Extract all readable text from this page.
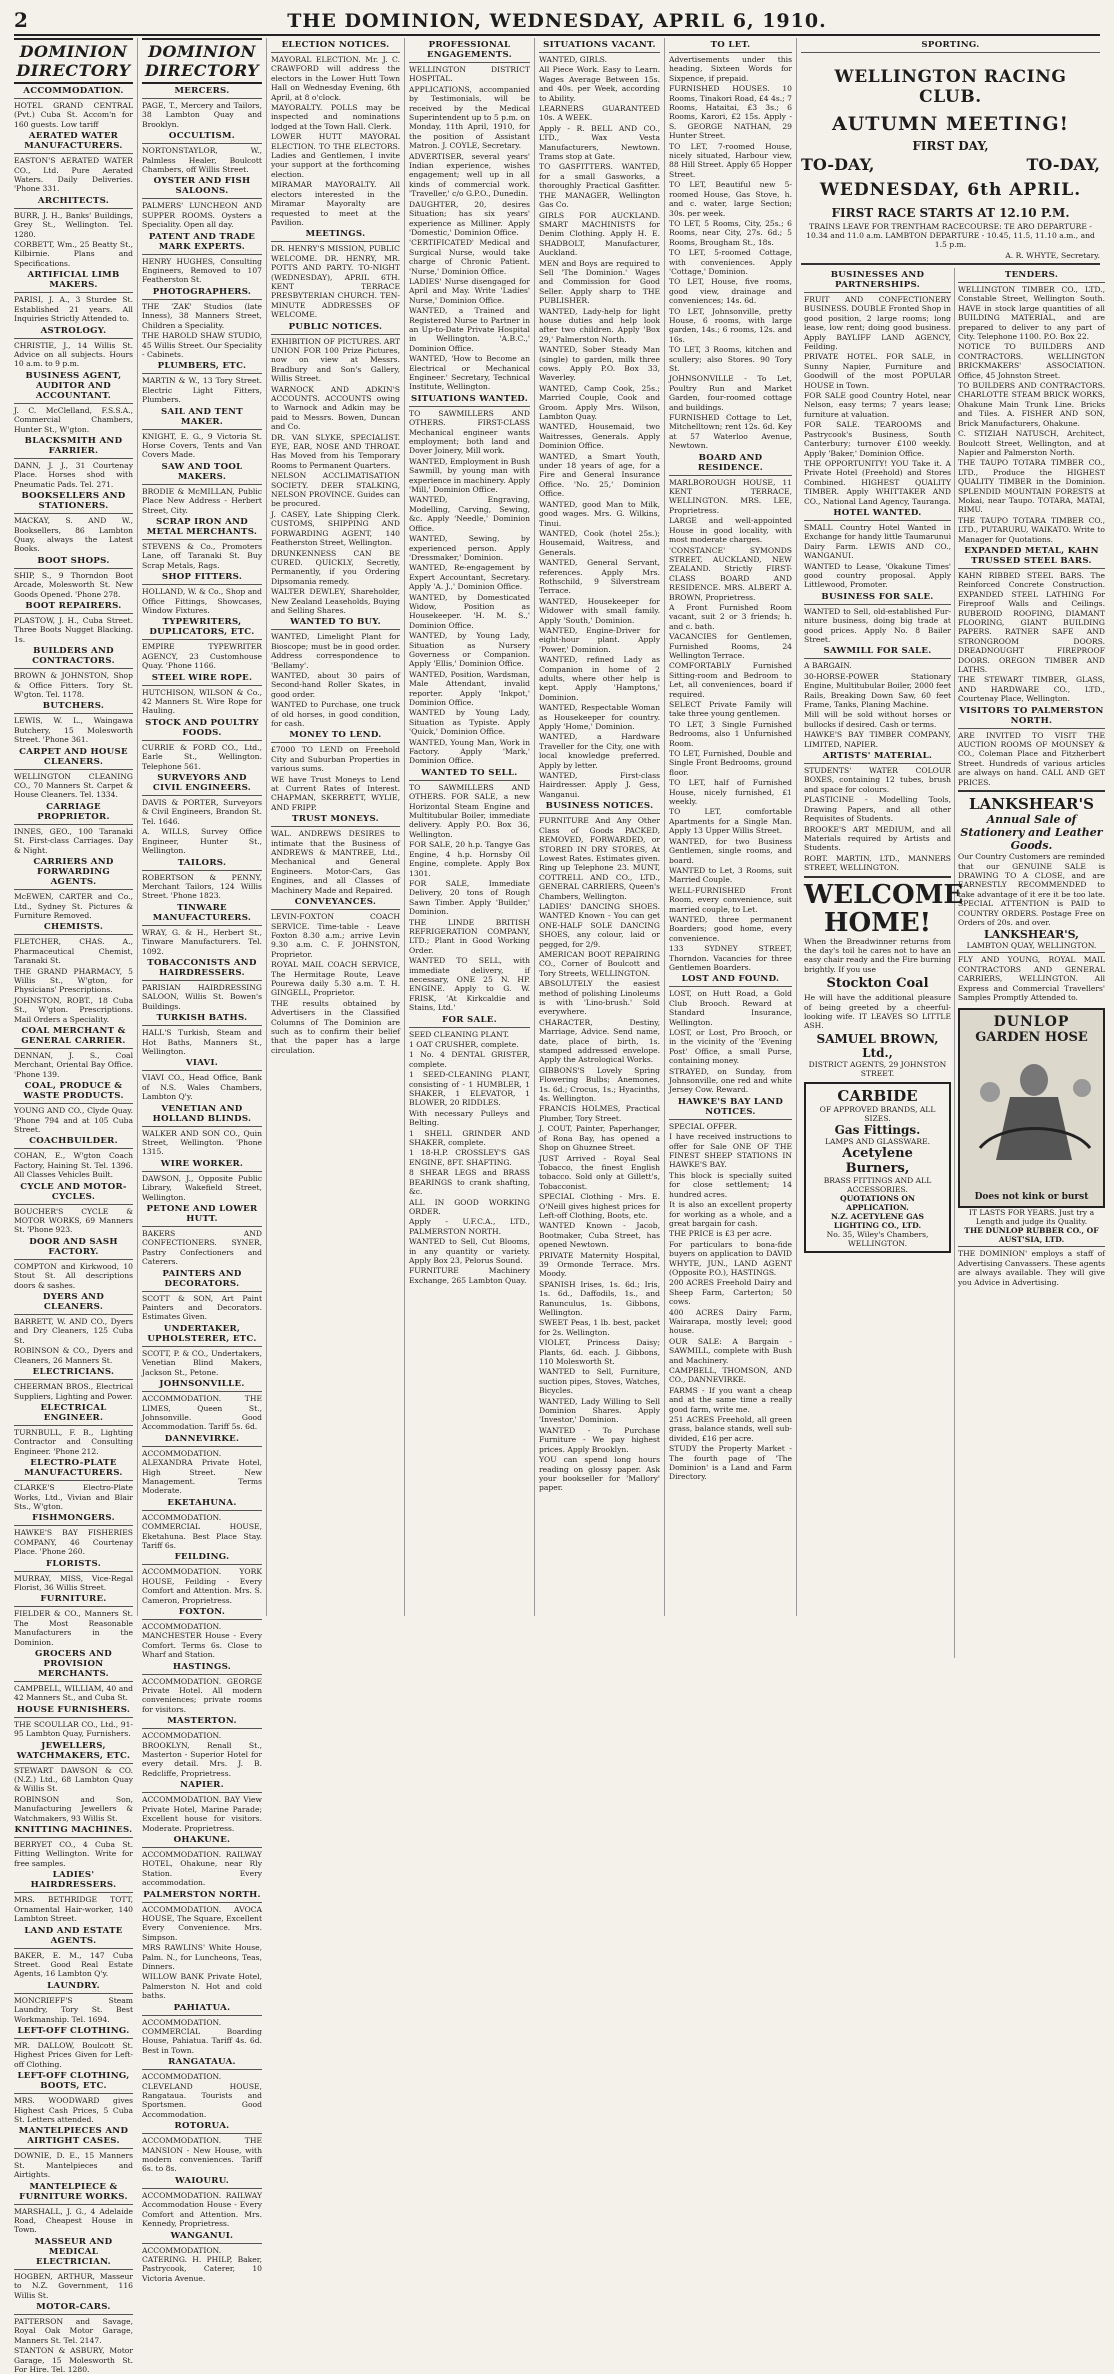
2	THE DOMINION, WEDNESDAY, APRIL 6, 1910.
DOMINION DIRECTORY
ACCOMMODATION.
HOTEL GRAND CENTRAL (Pvt.) Cuba St. Accom'n for 160 guests. Low tariff
AERATED WATER MANUFACTURERS.
EASTON'S AERATED WATER CO., Ltd. Pure Aerated Waters. Daily Deliveries. 'Phone 331.
ARCHITECTS.
BURR, J. H., Banks' Buildings, Grey St., Wellington. Tel. 1280.
CORBETT, Wm., 25 Beatty St., Kilbirnie. Plans and Specifications.
ARTIFICIAL LIMB MAKERS.
PARISI, J. A., 3 Sturdee St. Established 21 years. All Inquiries Strictly Attended to.
ASTROLOGY.
CHRISTIE, J., 14 Willis St. Advice on all subjects. Hours 10 a.m. to 9 p.m.
BUSINESS AGENT, AUDITOR AND ACCOUNTANT.
J. C. McClelland, F.S.S.A., Commercial Chambers, Hunter St., W'gton.
BLACKSMITH AND FARRIER.
DANN, J. J., 31 Courtenay Place. Horses shod with Pneumatic Pads. Tel. 271.
BOOKSELLERS AND STATIONERS.
MACKAY, S. AND W., Booksellers, 86 Lambton Quay, always the Latest Books.
BOOT SHOPS.
SHIP, S., 9 Thorndon Boot Arcade, Molesworth St. New Goods Opened. 'Phone 278.
BOOT REPAIRERS.
PLASTOW, J. H., Cuba Street. Three Boots Nugget Blacking. 1s.
BUILDERS AND CONTRACTORS.
BROWN & JOHNSTON, Shop & Office Fitters. Tory St. W'gton. Tel. 1178.
BUTCHERS.
LEWIS, W. L., Waingawa Butchery, 15 Molesworth Street. 'Phone 361.
CARPET AND HOUSE CLEANERS.
WELLINGTON CLEANING CO., 70 Manners St. Carpet & House Cleaners. Tel. 1334.
CARRIAGE PROPRIETOR.
INNES, GEO., 100 Taranaki St. First-class Carriages. Day & Night.
CARRIERS AND FORWARDING AGENTS.
McEWEN, CARTER and Co., Ltd., Sydney St. Pictures & Furniture Removed.
CHEMISTS.
FLETCHER, CHAS. A., Pharmaceutical Chemist, Taranaki St.
THE GRAND PHARMACY, 5 Willis St., W'gton, for Physicians' Prescriptions.
JOHNSTON, ROBT., 18 Cuba St., W'gton. Prescriptions. Mail Orders a Speciality.
COAL MERCHANT & GENERAL CARRIER.
DENNAN, J. S., Coal Merchant, Oriental Bay Office. 'Phone 139.
COAL, PRODUCE & WASTE PRODUCTS.
YOUNG AND CO., Clyde Quay. 'Phone 794 and at 105 Cuba Street.
COACHBUILDER.
COHAN, E., W'gton Coach Factory, Haining St. Tel. 1396. All Classes Vehicles Built.
CYCLE AND MOTOR-CYCLES.
BOUCHER'S CYCLE & MOTOR WORKS, 69 Manners St. 'Phone 923.
DOOR AND SASH FACTORY.
COMPTON and Kirkwood, 10 Stout St. All descriptions doors & sashes.
DYERS AND CLEANERS.
BARRETT, W. AND CO., Dyers and Dry Cleaners, 125 Cuba St.
ROBINSON & CO., Dyers and Cleaners, 26 Manners St.
ELECTRICIANS.
CHEERMAN BROS., Electrical Suppliers, Lighting and Power.
ELECTRICAL ENGINEER.
TURNBULL, F. B., Lighting Contractor and Consulting Engineer. 'Phone 212.
ELECTRO-PLATE MANUFACTURERS.
CLARKE'S Electro-Plate Works, Ltd., Vivian and Blair Sts., W'gton.
FISHMONGERS.
HAWKE'S BAY FISHERIES COMPANY, 46 Courtenay Place. 'Phone 260.
FLORISTS.
MURRAY, MISS, Vice-Regal Florist, 36 Willis Street.
FURNITURE.
FIELDER & CO., Manners St. The Most Reasonable Manufacturers in the Dominion.
GROCERS AND PROVISION MERCHANTS.
CAMPBELL, WILLIAM, 40 and 42 Manners St., and Cuba St.
HOUSE FURNISHERS.
THE SCOULLAR CO., Ltd., 91-95 Lambton Quay, Furnishers.
JEWELLERS, WATCHMAKERS, ETC.
STEWART DAWSON & CO. (N.Z.) Ltd., 68 Lambton Quay & Willis St.
ROBINSON and Son, Manufacturing Jewellers & Watchmakers, 93 Willis St.
KNITTING MACHINES.
BERRYET CO., 4 Cuba St. Fitting Wellington. Write for free samples.
LADIES' HAIRDRESSERS.
MRS. BETHRIDGE TOTT, Ornamental Hair-worker, 140 Lambton Street.
LAND AND ESTATE AGENTS.
BAKER, E. M., 147 Cuba Street. Good Real Estate Agents, 16 Lambton Q'y.
LAUNDRY.
MONCRIEFF'S Steam Laundry, Tory St. Best Workmanship. Tel. 1694.
LEFT-OFF CLOTHING.
MR. DALLOW, Boulcott St. Highest Prices Given for Left-off Clothing.
LEFT-OFF CLOTHING, BOOTS, ETC.
MRS. WOODWARD gives Highest Cash Prices, 5 Cuba St. Letters attended.
MANTELPIECES AND AIRTIGHT CASES.
DOWNIE, D. E., 15 Manners St. Mantelpieces and Airtights.
MANTELPIECE & FURNITURE WORKS.
MARSHALL, J. G., 4 Adelaide Road, Cheapest House in Town.
MASSEUR AND MEDICAL ELECTRICIAN.
HOGBEN, ARTHUR, Masseur to N.Z. Government, 116 Willis St.
MOTOR-CARS.
PATTERSON and Savage, Royal Oak Motor Garage, Manners St. Tel. 2147.
STANTON & ASBURY, Motor Garage, 15 Molesworth St. For Hire. Tel. 1280.
DOMINION DIRECTORY
MERCERS.
PAGE, T., Mercery and Tailors, 38 Lambton Quay and Brooklyn.
OCCULTISM.
NORTONSTAYLOR, W., Palmless Healer, Boulcott Chambers, off Willis Street.
OYSTER AND FISH SALOONS.
PALMERS' LUNCHEON AND SUPPER ROOMS. Oysters a Speciality. Open all day.
PATENT AND TRADE MARK EXPERTS.
HENRY HUGHES, Consulting Engineers, Removed to 107 Featherston St.
PHOTOGRAPHERS.
THE 'ZAK' Studios (late Inness), 38 Manners Street, Children a Speciality.
THE HAROLD SHAW STUDIO, 45 Willis Street. Our Speciality - Cabinets.
PLUMBERS, ETC.
MARTIN & W., 13 Tory Street. Electric Light Fitters, Plumbers.
SAIL AND TENT MAKER.
KNIGHT, E. G., 9 Victoria St. Horse Covers, Tents and Van Covers Made.
SAW AND TOOL MAKERS.
BRODIE & McMILLAN, Public Place New Address - Herbert Street, City.
SCRAP IRON AND METAL MERCHANTS.
STEVENS & Co., Promoters Lane, off Taranaki St. Buy Scrap Metals, Rags.
SHOP FITTERS.
HOLLAND, W. & Co., Shop and Office Fittings, Showcases, Window Fixtures.
TYPEWRITERS, DUPLICATORS, ETC.
EMPIRE TYPEWRITER AGENCY, 23 Customhouse Quay. 'Phone 1166.
STEEL WIRE ROPE.
HUTCHISON, WILSON & Co., 42 Manners St. Wire Rope for Hauling.
STOCK AND POULTRY FOODS.
CURRIE & FORD CO., Ltd., Earle St., Wellington. Telephone 561.
SURVEYORS AND CIVIL ENGINEERS.
DAVIS & PORTER, Surveyors & Civil Engineers, Brandon St. Tel. 1646.
A. WILLS, Survey Office Engineer, Hunter St., Wellington.
TAILORS.
ROBERTSON & PENNY, Merchant Tailors, 124 Willis Street. 'Phone 1823.
TINWARE MANUFACTURERS.
WRAY, G. & H., Herbert St., Tinware Manufacturers. Tel. 1092.
TOBACCONISTS AND HAIRDRESSERS.
PARISIAN HAIRDRESSING SALOON, Willis St. Bowen's Buildings.
TURKISH BATHS.
HALL'S Turkish, Steam and Hot Baths, Manners St., Wellington.
VIAVI.
VIAVI CO., Head Office, Bank of N.S. Wales Chambers, Lambton Q'y.
VENETIAN AND HOLLAND BLINDS.
WALKER AND SON CO., Quin Street, Wellington. 'Phone 1315.
WIRE WORKER.
DAWSON, J., Opposite Public Library, Wakefield Street, Wellington.
PETONE AND LOWER HUTT.
BAKERS AND CONFECTIONERS. SYNER, Pastry Confectioners and Caterers.
PAINTERS AND DECORATORS.
SCOTT & SON, Art Paint Painters and Decorators. Estimates Given.
UNDERTAKER, UPHOLSTERER, ETC.
SCOTT, P. & CO., Undertakers, Venetian Blind Makers, Jackson St., Petone.
JOHNSONVILLE.
ACCOMMODATION. THE LIMES, Queen St., Johnsonville. Good Accommodation. Tariff 5s. 6d.
DANNEVIRKE.
ACCOMMODATION. ALEXANDRA Private Hotel, High Street. New Management. Terms Moderate.
EKETAHUNA.
ACCOMMODATION. COMMERCIAL HOUSE, Eketahuna. Best Place Stay. Tariff 6s.
FEILDING.
ACCOMMODATION. YORK HOUSE, Feilding - Every Comfort and Attention. Mrs. S. Cameron, Proprietress.
FOXTON.
ACCOMMODATION. MANCHESTER House - Every Comfort. Terms 6s. Close to Wharf and Station.
HASTINGS.
ACCOMMODATION. GEORGE Private Hotel. All modern conveniences; private rooms for visitors.
MASTERTON.
ACCOMMODATION. BROOKLYN, Renall St., Masterton - Superior Hotel for every detail. Mrs. J. B. Redcliffe, Proprietress.
NAPIER.
ACCOMMODATION. BAY View Private Hotel, Marine Parade; Excellent house for visitors. Moderate. Proprietress.
OHAKUNE.
ACCOMMODATION. RAILWAY HOTEL, Ohakune, near Rly Station. Every accommodation.
PALMERSTON NORTH.
ACCOMMODATION. AVOCA HOUSE, The Square, Excellent Every Convenience. Mrs. Simpson.
MRS RAWLINS' White House, Palm. N., for Luncheons, Teas, Dinners.
WILLOW BANK Private Hotel, Palmerston N. Hot and cold baths.
PAHIATUA.
ACCOMMODATION. COMMERCIAL Boarding House, Pahiatua. Tariff 4s. 6d. Best in Town.
RANGATAUA.
ACCOMMODATION. CLEVELAND HOUSE, Rangataua. Tourists and Sportsmen. Good Accommodation.
ROTORUA.
ACCOMMODATION. THE MANSION - New House, with modern conveniences. Tariff 6s. to 8s.
WAIOURU.
ACCOMMODATION. RAILWAY Accommodation House - Every Comfort and Attention. Mrs. Kennedy, Proprietress.
WANGANUI.
ACCOMMODATION. CATERING. H. PHILP, Baker, Pastrycook, Caterer, 10 Victoria Avenue.
ELECTION NOTICES.
MAYORAL ELECTION. Mr. J. C. CRAWFORD will address the electors in the Lower Hutt Town Hall on Wednesday Evening, 6th April, at 8 o'clock.
MAYORALTY. POLLS may be inspected and nominations lodged at the Town Hall. Clerk.
LOWER HUTT MAYORAL ELECTION. TO THE ELECTORS. Ladies and Gentlemen, I invite your support at the forthcoming election.
MIRAMAR MAYORALTY. All electors interested in the Miramar Mayoralty are requested to meet at the Pavilion.
MEETINGS.
DR. HENRY'S MISSION, PUBLIC WELCOME. DR. HENRY, MR. POTTS AND PARTY. TO-NIGHT (WEDNESDAY), APRIL 6TH. KENT TERRACE PRESBYTERIAN CHURCH. TEN-MINUTE ADDRESSES OF WELCOME.
PUBLIC NOTICES.
EXHIBITION OF PICTURES. ART UNION FOR 100 Prize Pictures, now on view at Messrs. Bradbury and Son's Gallery, Willis Street.
WARNOCK AND ADKIN'S ACCOUNTS. ACCOUNTS owing to Warnock and Adkin may be paid to Messrs. Bowen, Duncan and Co.
DR. VAN SLYKE, SPECIALIST. EYE, EAR, NOSE AND THROAT. Has Moved from his Temporary Rooms to Permanent Quarters.
NELSON ACCLIMATISATION SOCIETY. DEER STALKING, NELSON PROVINCE. Guides can be procured.
J. CASEY, Late Shipping Clerk. CUSTOMS, SHIPPING AND FORWARDING AGENT, 140 Featherston Street, Wellington.
DRUNKENNESS CAN BE CURED. QUICKLY, Secretly, Permanently, if you Ordering Dipsomania remedy.
WALTER DEWLEY, Shareholder, New Zealand Leaseholds, Buying and Selling Shares.
WANTED TO BUY.
WANTED, Limelight Plant for Bioscope; must be in good order. Address correspondence to 'Bellamy'.
WANTED, about 30 pairs of Second-hand Roller Skates, in good order.
WANTED to Purchase, one truck of old horses, in good condition, for cash.
MONEY TO LEND.
£7000 TO LEND on Freehold City and Suburban Properties in various sums.
WE have Trust Moneys to Lend at Current Rates of Interest. CHAPMAN, SKERRETT, WYLIE, AND FRIPP.
TRUST MONEYS.
WAL. ANDREWS DESIRES to intimate that the Business of ANDREWS & MANTREE, Ltd., Mechanical and General Engineers. Motor-Cars, Gas Engines, and all Classes of Machinery Made and Repaired.
CONVEYANCES.
LEVIN-FOXTON COACH SERVICE. Time-table - Leave Foxton 8.30 a.m.; arrive Levin 9.30 a.m. C. F. JOHNSTON, Proprietor.
ROYAL MAIL COACH SERVICE, The Hermitage Route, Leave Pourewa daily 5.30 a.m. T. H. GINGELL, Proprietor.
THE results obtained by Advertisers in the Classified Columns of The Dominion are such as to confirm their belief that the paper has a large circulation.
PROFESSIONAL ENGAGEMENTS.
WELLINGTON DISTRICT HOSPITAL.
APPLICATIONS, accompanied by Testimonials, will be received by the Medical Superintendent up to 5 p.m. on Monday, 11th April, 1910, for the position of Assistant Matron. J. COYLE, Secretary.
ADVERTISER, several years' Indian experience, wishes engagement; well up in all kinds of commercial work. 'Traveller,' c/o G.P.O., Dunedin.
DAUGHTER, 20, desires Situation; has six years' experience as Milliner. Apply 'Domestic,' Dominion Office.
'CERTIFICATED' Medical and Surgical Nurse, would take charge of Chronic Patient. 'Nurse,' Dominion Office.
LADIES' Nurse disengaged for April and May. Write 'Ladies' Nurse,' Dominion Office.
WANTED, a Trained and Registered Nurse to Partner in an Up-to-Date Private Hospital in Wellington. 'A.B.C.,' Dominion Office.
WANTED, 'How to Become an Electrical or Mechanical Engineer.' Secretary, Technical Institute, Wellington.
SITUATIONS WANTED.
TO SAWMILLERS AND OTHERS. FIRST-CLASS Mechanical engineer wants employment; both land and Dover Joinery, Mill work.
WANTED, Employment in Bush Sawmill, by young man with experience in machinery. Apply 'Mill,' Dominion Office.
WANTED, Engraving, Modelling, Carving, Sewing, &c. Apply 'Needle,' Dominion Office.
WANTED, Sewing, by experienced person. Apply 'Dressmaker,' Dominion.
WANTED, Re-engagement by Expert Accountant, Secretary. Apply 'A. J.,' Dominion Office.
WANTED, by Domesticated Widow, Position as Housekeeper. 'H. M. S.,' Dominion Office.
WANTED, by Young Lady, Situation as Nursery Governess or Companion. Apply 'Ellis,' Dominion Office.
WANTED, Position, Wardsman, Male Attendant, invalid reporter. Apply 'Inkpot,' Dominion Office.
WANTED by Young Lady, Situation as Typiste. Apply 'Quick,' Dominion Office.
WANTED, Young Man, Work in Factory. Apply 'Mark,' Dominion Office.
WANTED TO SELL.
TO SAWMILLERS AND OTHERS. FOR SALE, a new Horizontal Steam Engine and Multitubular Boiler, immediate delivery. Apply P.O. Box 36, Wellington.
FOR SALE, 20 h.p. Tangye Gas Engine, 4 h.p. Hornsby Oil Engine, complete. Apply Box 1301.
FOR SALE, Immediate Delivery, 20 tons of Rough Sawn Timber. Apply 'Builder,' Dominion.
THE LINDE BRITISH REFRIGERATION COMPANY, LTD.; Plant in Good Working Order.
WANTED TO SELL, with immediate delivery, if necessary, ONE 25 N. HP. ENGINE. Apply to G. W. FRISK, 'At Kirkcaldie and Stains, Ltd.'
FOR SALE.
SEED CLEANING PLANT.
1 OAT CRUSHER, complete.
1 No. 4 DENTAL GRISTER, complete.
1 SEED-CLEANING PLANT, consisting of - 1 HUMBLER, 1 SHAKER, 1 ELEVATOR, 1 BLOWER, 20 RIDDLES.
With necessary Pulleys and Belting.
1 SHELL GRINDER AND SHAKER, complete.
1 18-H.P. CROSSLEY'S GAS ENGINE, 8FT. SHAFTING.
8 SHEAR LEGS and BRASS BEARINGS to crank shafting, &c.
ALL IN GOOD WORKING ORDER.
Apply - U.F.C.A., LTD., PALMERSTON NORTH.
WANTED to Sell, Cut Blooms, in any quantity or variety. Apply Box 23, Pelorus Sound.
FURNITURE Machinery Exchange, 265 Lambton Quay.
SITUATIONS VACANT.
WANTED, GIRLS.
All Piece Work. Easy to Learn. Wages Average Between 15s. and 40s. per Week, according to Ability.
LEARNERS GUARANTEED 10s. A WEEK.
Apply - R. BELL AND CO., LTD., Wax Vesta Manufacturers, Newtown. Trams stop at Gate.
TO GASFITTERS. WANTED, for a small Gasworks, a thoroughly Practical Gasfitter. THE MANAGER, Wellington Gas Co.
GIRLS FOR AUCKLAND. SMART MACHINISTS for Denim Clothing. Apply H. E. SHADBOLT, Manufacturer, Auckland.
MEN and Boys are required to Sell 'The Dominion.' Wages and Commission for Good Seller. Apply sharp to THE PUBLISHER.
WANTED, Lady-help for light house duties and help look after two children. Apply 'Box 29,' Palmerston North.
WANTED, Sober Steady Man (single) to garden, milk three cows. Apply P.O. Box 33, Waverley.
WANTED, Camp Cook, 25s.; Married Couple, Cook and Groom. Apply Mrs. Wilson, Lambton Quay.
WANTED, Housemaid, two Waitresses, Generals. Apply Dominion Office.
WANTED, a Smart Youth, under 18 years of age, for a Fire and General Insurance Office. 'No. 25,' Dominion Office.
WANTED, good Man to Milk, good wages. Mrs. G. Wilkins, Tinui.
WANTED, Cook (hotel 25s.); Housemaid, Waitress, and Generals.
WANTED, General Servant, references. Apply Mrs. Rothschild, 9 Silverstream Terrace.
WANTED, Housekeeper for Widower with small family. Apply 'South,' Dominion.
WANTED, Engine-Driver for eight-hour plant. Apply 'Power,' Dominion.
WANTED, refined Lady as Companion in home of 2 adults, where other help is kept. Apply 'Hamptons,' Dominion.
WANTED, Respectable Woman as Housekeeper for country. Apply 'Home,' Dominion.
WANTED, a Hardware Traveller for the City, one with local knowledge preferred. Apply by letter.
WANTED, First-class Hairdresser. Apply J. Gess, Wanganui.
BUSINESS NOTICES.
FURNITURE And Any Other Class of Goods PACKED, REMOVED, FORWARDED, or STORED IN DRY STORES, At Lowest Rates. Estimates given. Ring up Telephone 23. MUNT, COTTRELL AND CO., LTD., GENERAL CARRIERS, Queen's Chambers, Wellington.
LADIES' DANCING SHOES. WANTED Known - You can get ONE-HALF SOLE DANCING SHOES, any colour, laid or pegged, for 2/9.
AMERICAN BOOT REPAIRING CO., Corner of Boulcott and Tory Streets, WELLINGTON.
ABSOLUTELY the easiest method of polishing Linoleums is with 'Lino-brush.' Sold everywhere.
CHARACTER, Destiny, Marriage, Advice. Send name, date, place of birth, 1s. stamped addressed envelope. Apply the Astrological Works.
GIBBONS'S Lovely Spring Flowering Bulbs; Anemones, 1s. 6d.; Crocus, 1s.; Hyacinths, 4s. Wellington.
FRANCIS HOLMES, Practical Plumber, Tory Street.
J. COUT, Painter, Paperhanger, of Rona Bay, has opened a Shop on Ghuznee Street.
JUST Arrived - Royal Seal Tobacco, the finest English tobacco. Sold only at Gillett's, Tobacconist.
SPECIAL Clothing - Mrs. E. O'Neill gives highest prices for Left-off Clothing, Boots, etc.
WANTED Known - Jacob, Bootmaker, Cuba Street, has opened Newtown.
PRIVATE Maternity Hospital, 39 Ormonde Terrace. Mrs. Moody.
SPANISH Irises, 1s. 6d.; Iris, 1s. 6d., Daffodils, 1s., and Ranunculus, 1s. Gibbons, Wellington.
SWEET Peas, 1 lb. best, packet for 2s. Wellington.
VIOLET, Princess Daisy; Plants, 6d. each. J. Gibbons, 110 Molesworth St.
WANTED to Sell, Furniture, suction pipes, Stoves, Watches, Bicycles.
WANTED, Lady Willing to Sell Dominion Shares. Apply 'Investor,' Dominion.
WANTED - To Purchase Furniture - We pay highest prices. Apply Brooklyn.
YOU can spend long hours reading on glossy paper. Ask your bookseller for 'Mallory' paper.
TO LET.
Advertisements under this heading, Sixteen Words for Sixpence, if prepaid.
FURNISHED HOUSES. 10 Rooms, Tinakori Road, £4 4s.; 7 Rooms, Hataitai, £3 3s.; 6 Rooms, Karori, £2 15s. Apply - S. GEORGE NATHAN, 29 Hunter Street.
TO LET, 7-roomed House, nicely situated, Harbour view, 88 Hill Street. Apply 65 Hopper Street.
TO LET, Beautiful new 5-roomed House, Gas Stove, h. and c. water, large Section; 30s. per week.
TO LET, 5 Rooms, City, 25s.; 6 Rooms, near City, 27s. 6d.; 5 Rooms, Brougham St., 18s.
TO LET, 5-roomed Cottage, with conveniences. Apply 'Cottage,' Dominion.
TO LET, House, five rooms, good view, drainage and conveniences; 14s. 6d.
TO LET, Johnsonville, pretty House, 6 rooms, with large garden, 14s.; 6 rooms, 12s. and 16s.
TO LET, 3 Rooms, kitchen and scullery; also Stores. 90 Tory St.
JOHNSONVILLE - To Let, Poultry Run and Market Garden, four-roomed cottage and buildings.
FURNISHED Cottage to Let, Mitchelltown; rent 12s. 6d. Key at 57 Waterloo Avenue, Newtown.
BOARD AND RESIDENCE.
MARLBOROUGH HOUSE, 11 KENT TERRACE, WELLINGTON. MRS. LEE, Proprietress.
LARGE and well-appointed House in good locality, with most moderate charges.
'CONSTANCE' SYMONDS STREET, AUCKLAND, NEW ZEALAND. Strictly FIRST-CLASS BOARD AND RESIDENCE. MRS. ALBERT A. BROWN, Proprietress.
A Front Furnished Room vacant, suit 2 or 3 friends; h. and c. bath.
VACANCIES for Gentlemen, Furnished Rooms, 24 Wellington Terrace.
COMFORTABLY Furnished Sitting-room and Bedroom to Let, all conveniences, board if required.
SELECT Private Family will take three young gentlemen.
TO LET, 3 Single Furnished Bedrooms, also 1 Unfurnished Room.
TO LET, Furnished, Double and Single Front Bedrooms, ground floor.
TO LET, half of Furnished House, nicely furnished, £1 weekly.
TO LET, comfortable Apartments for a Single Man. Apply 13 Upper Willis Street.
WANTED, for two Business Gentlemen, single rooms, and board.
WANTED to Let, 3 Rooms, suit Married Couple.
WELL-FURNISHED Front Room, every convenience, suit married couple, to Let.
WANTED, three permanent Boarders; good home, every convenience.
133 SYDNEY STREET, Thorndon. Vacancies for three Gentlemen Boarders.
LOST AND FOUND.
LOST, on Hutt Road, a Gold Club Brooch. Reward at Standard Insurance, Wellington.
LOST, or Lost, Pro Brooch, or in the vicinity of the 'Evening Post' Office, a small Purse, containing money.
STRAYED, on Sunday, from Johnsonville, one red and white Jersey Cow. Reward.
HAWKE'S BAY LAND NOTICES.
SPECIAL OFFER.
I have received instructions to offer for Sale ONE OF THE FINEST SHEEP STATIONS IN HAWKE'S BAY.
This block is specially suited for close settlement; 14 hundred acres.
It is also an excellent property for working as a whole, and a great bargain for cash.
THE PRICE is £3 per acre.
For particulars to bona-fide buyers on application to DAVID WHYTE, JUN., LAND AGENT (Opposite P.O.), HASTINGS.
200 ACRES Freehold Dairy and Sheep Farm, Carterton; 50 cows.
400 ACRES Dairy Farm, Wairarapa, mostly level; good house.
OUR SALE: A Bargain - SAWMILL, complete with Bush and Machinery.
CAMPBELL, THOMSON, AND CO., DANNEVIRKE.
FARMS - If you want a cheap and at the same time a really good farm, write me.
251 ACRES Freehold, all green grass, balance stands, well sub-divided, £16 per acre.
STUDY the Property Market - The fourth page of 'The Dominion' is a Land and Farm Directory.
SPORTING.
WELLINGTON RACING CLUB.
AUTUMN MEETING!
FIRST DAY,
TO-DAY,	TO-DAY,
WEDNESDAY, 6th APRIL.
FIRST RACE STARTS AT 12.10 P.M.
TRAINS LEAVE FOR TRENTHAM RACECOURSE: TE ARO DEPARTURE - 10.34 and 11.0 a.m. LAMBTON DEPARTURE - 10.45, 11.5, 11.10 a.m., and 1.5 p.m.
A. R. WHYTE, Secretary.
BUSINESSES AND PARTNERSHIPS.
FRUIT AND CONFECTIONERY BUSINESS. DOUBLE Fronted Shop in good position, 2 large rooms; long lease, low rent; doing good business. Apply BAYLIFF LAND AGENCY, Feilding.
PRIVATE HOTEL. FOR SALE, in Sunny Napier, Furniture and Goodwill of the most POPULAR HOUSE in Town.
FOR SALE good Country Hotel, near Nelson, easy terms; 7 years lease; furniture at valuation.
FOR SALE. TEAROOMS and Pastrycook's Business, South Canterbury; turnover £100 weekly. Apply 'Baker,' Dominion Office.
THE OPPORTUNITY! YOU Take it. A Private Hotel (Freehold) and Stores Combined. HIGHEST QUALITY TIMBER. Apply WHITTAKER AND CO., National Land Agency, Tauranga.
HOTEL WANTED.
SMALL Country Hotel Wanted in Exchange for handy little Taumarunui Dairy Farm. LEWIS AND CO., WANGANUI.
WANTED to Lease, 'Okakune Times' good country proposal. Apply Littlewood, Promoter.
BUSINESS FOR SALE.
WANTED to Sell, old-established Fur-niture business, doing big trade at good prices. Apply No. 8 Bailer Street.
SAWMILL FOR SALE.
A BARGAIN.
30-HORSE-POWER Stationary Engine, Multitubular Boiler, 2000 feet Rails, Breaking Down Saw, 60 feet Frame, Tanks, Planing Machine.
Mill will be sold without horses or bullocks if desired. Cash or terms.
HAWKE'S BAY TIMBER COMPANY, LIMITED, NAPIER.
ARTISTS' MATERIAL.
STUDENTS' WATER COLOUR BOXES, containing 12 tubes, brush and space for colours.
PLASTICINE - Modelling Tools, Drawing Papers, and all other Requisites of Students.
BROOKE'S ART MEDIUM, and all Materials required by Artists and Students.
ROBT. MARTIN, LTD., MANNERS STREET, WELLINGTON.
WELCOME HOME!
When the Breadwinner returns from the day's toil he cares not to have an easy chair ready and the Fire burning brightly. If you use
Stockton Coal
He will have the additional pleasure of being greeted by a cheerful-looking wife. IT LEAVES SO LITTLE ASH.
SAMUEL BROWN, Ltd.,
DISTRICT AGENTS, 29 JOHNSTON STREET.
CARBIDE
OF APPROVED BRANDS, ALL SIZES.
Gas Fittings.
LAMPS AND GLASSWARE.
Acetylene
Burners,
BRASS FITTINGS AND ALL ACCESSORIES.
QUOTATIONS ON APPLICATION.
N.Z. ACETYLENE GAS LIGHTING CO., LTD.
No. 35, Wiley's Chambers, WELLINGTON.
TENDERS.
WELLINGTON TIMBER CO., LTD., Constable Street, Wellington South. HAVE in stock large quantities of all BUILDING MATERIAL, and are prepared to deliver to any part of City. Telephone 1100. P.O. Box 22.
NOTICE TO BUILDERS AND CONTRACTORS. WELLINGTON BRICKMAKERS' ASSOCIATION. Office, 45 Johnston Street.
TO BUILDERS AND CONTRACTORS. CHARLOTTE STEAM BRICK WORKS, Ohakune Main Trunk Line. Bricks and Tiles. A. FISHER AND SON, Brick Manufacturers, Ohakune.
C. STIZIAH NATUSCH, Architect, Boulcott Street, Wellington, and at Napier and Palmerston North.
THE TAUPO TOTARA TIMBER CO., LTD., Produce the HIGHEST QUALITY TIMBER in the Dominion. SPLENDID MOUNTAIN FORESTS at Mokai, near Taupo. TOTARA, MATAI, RIMU.
THE TAUPO TOTARA TIMBER CO., LTD., PUTARURU, WAIKATO. Write to Manager for Quotations.
EXPANDED METAL, KAHN TRUSSED STEEL BARS.
KAHN RIBBED STEEL BARS. The Reinforced Concrete Construction. EXPANDED STEEL LATHING For Fireproof Walls and Ceilings. RUBEROID ROOFING, DIAMANT FLOORING, GIANT BUILDING PAPERS. RATNER SAFE AND STRONGROOM DOORS. DREADNOUGHT FIREPROOF DOORS. OREGON TIMBER AND LATHS.
THE STEWART TIMBER, GLASS, AND HARDWARE CO., LTD., Courtenay Place, Wellington.
VISITORS TO PALMERSTON NORTH.
ARE INVITED TO VISIT THE AUCTION ROOMS OF MOUNSEY & CO., Coleman Place and Fitzherbert Street. Hundreds of various articles are always on hand. CALL AND GET PRICES.
LANKSHEAR'S
Annual Sale of Stationery and Leather Goods.
Our Country Customers are reminded that our GENUINE SALE is DRAWING TO A CLOSE, and are EARNESTLY RECOMMENDED to take advantage of it ere it be too late. SPECIAL ATTENTION is PAID to COUNTRY ORDERS. Postage Free on Orders of 20s. and over.
LANKSHEAR'S,
LAMBTON QUAY, WELLINGTON.
FLY AND YOUNG, ROYAL MAIL CONTRACTORS AND GENERAL CARRIERS, WELLINGTON. All Express and Commercial Travellers' Samples Promptly Attended to.
DUNLOP
GARDEN HOSE
Does not kink or burst
IT LASTS FOR YEARS. Just try a Length and judge its Quality.
THE DUNLOP RUBBER CO., OF AUST'SIA, LTD.
THE DOMINION' employs a staff of Advertising Canvassers. These agents are always available. They will give you Advice in Advertising.
